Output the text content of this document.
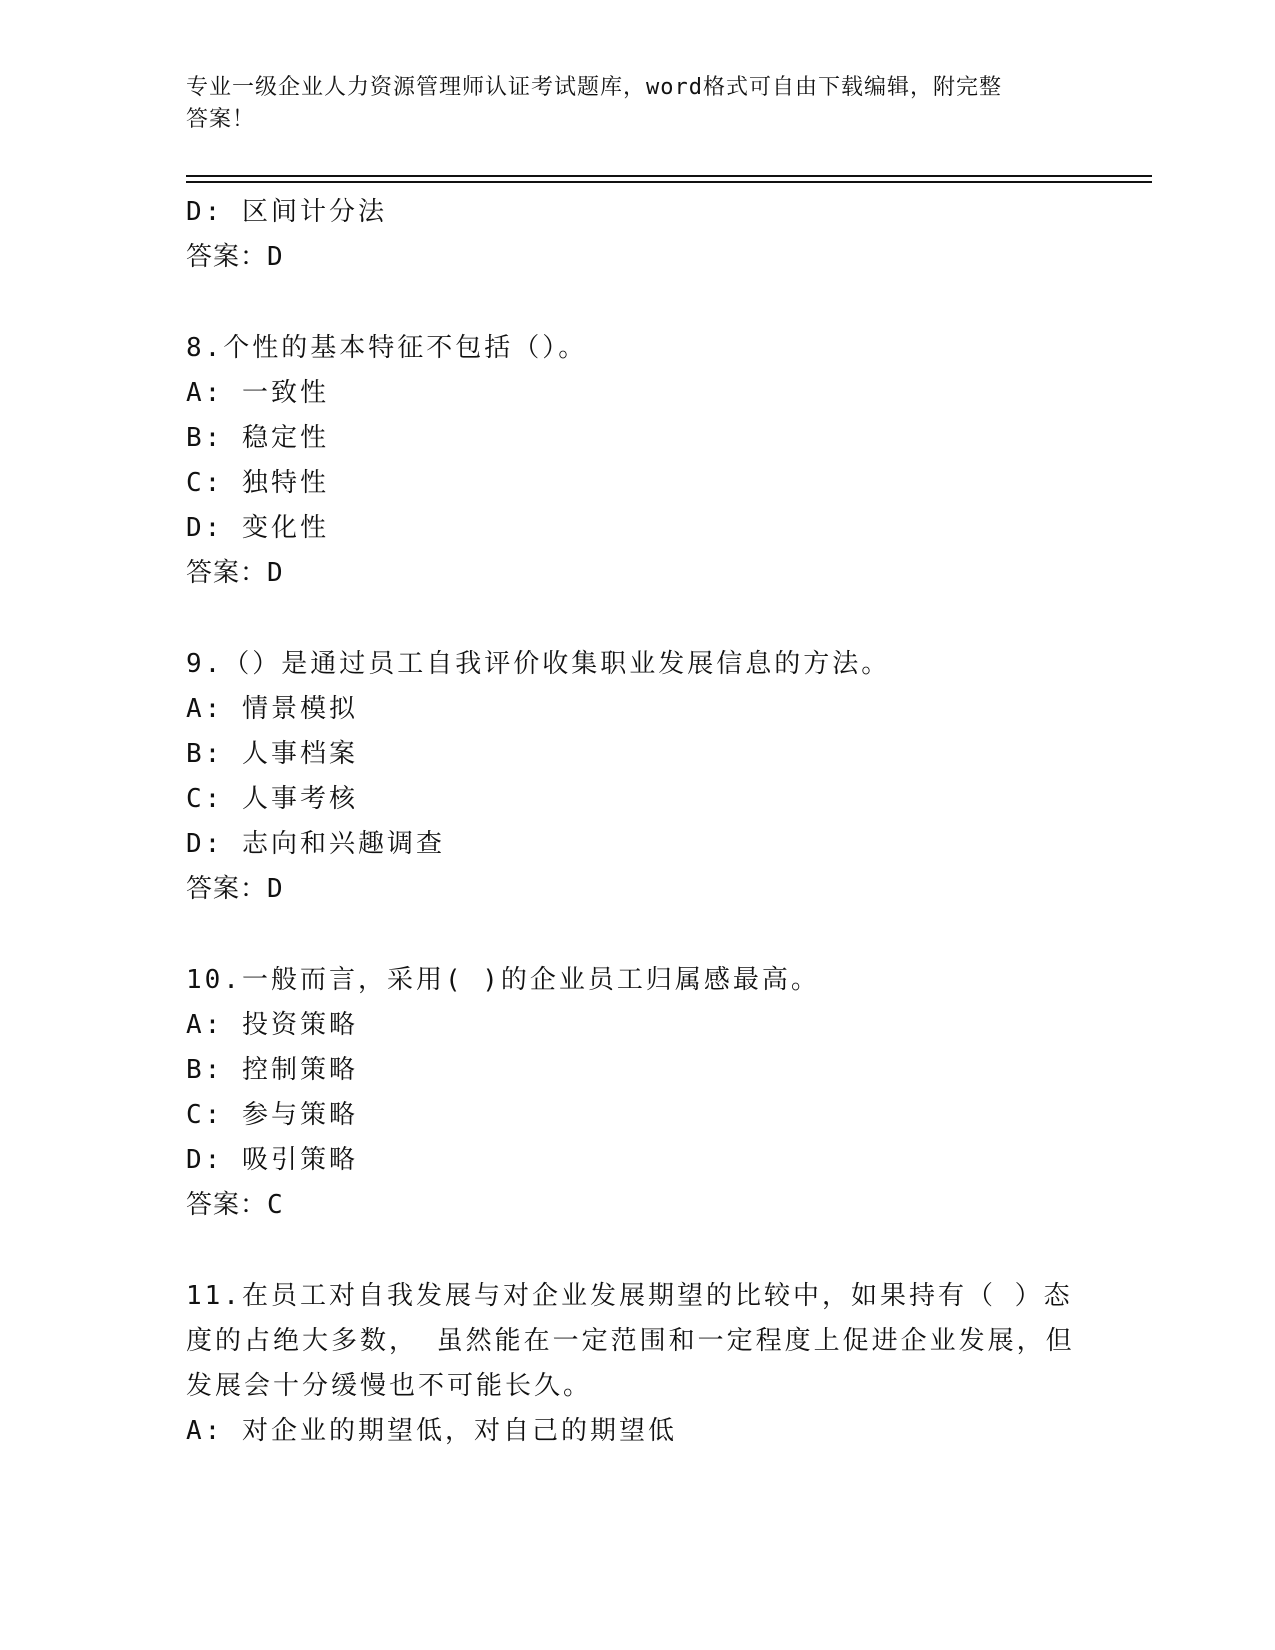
专业一级企业人力资源管理师认证考试题库，word格式可自由下载编辑，附完整
答案！
D: 区间计分法
答案：D
8.个性的基本特征不包括（）。
A: 一致性
B: 稳定性
C: 独特性
D: 变化性
答案：D
9.（）是通过员工自我评价收集职业发展信息的方法。
A: 情景模拟
B: 人事档案
C: 人事考核
D: 志向和兴趣调查
答案：D
10.一般而言，采用( )的企业员工归属感最高。
A: 投资策略
B: 控制策略
C: 参与策略
D: 吸引策略
答案：C
11.在员工对自我发展与对企业发展期望的比较中，如果持有（ ）态
度的占绝大多数， 虽然能在一定范围和一定程度上促进企业发展，但
发展会十分缓慢也不可能长久。
A: 对企业的期望低，对自己的期望低
